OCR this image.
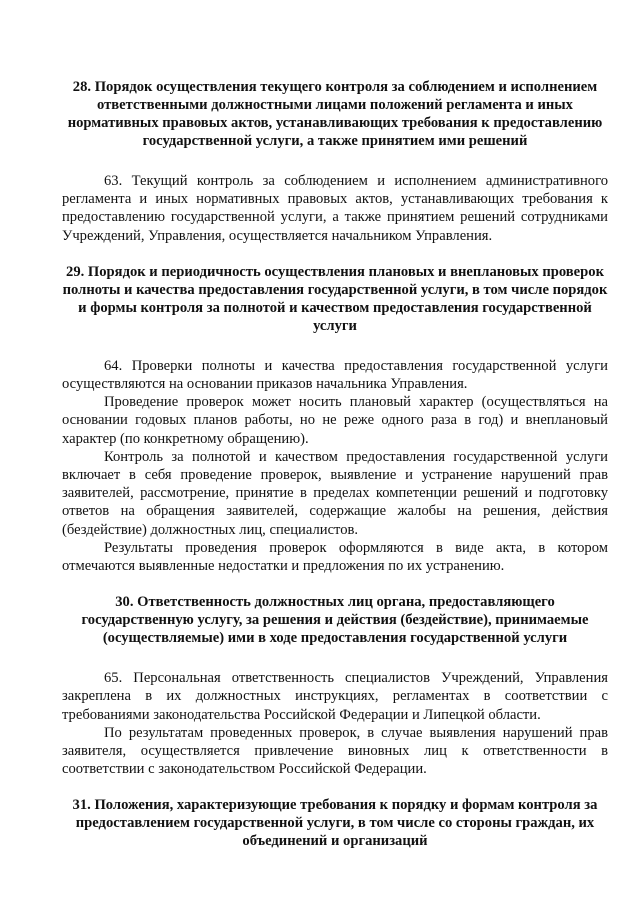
28. Порядок осуществления текущего контроля за соблюдением и исполнением ответственными должностными лицами положений регламента и иных нормативных правовых актов, устанавливающих требования к предоставлению государственной услуги, а также принятием ими решений

63. Текущий контроль за соблюдением и исполнением административного регламента и иных нормативных правовых актов, устанавливающих требования к предоставлению государственной услуги, а также принятием решений сотрудниками Учреждений, Управления, осуществляется начальником Управления.

29. Порядок и периодичность осуществления плановых и внеплановых проверок полноты и качества предоставления государственной услуги, в том числе порядок и формы контроля за полнотой и качеством предоставления государственной услуги

64. Проверки полноты и качества предоставления государственной услуги осуществляются на основании приказов начальника Управления.

Проведение проверок может носить плановый характер (осуществляться на основании годовых планов работы, но не реже одного раза в год) и внеплановый характер (по конкретному обращению).

Контроль за полнотой и качеством предоставления государственной услуги включает в себя проведение проверок, выявление и устранение нарушений прав заявителей, рассмотрение, принятие в пределах компетенции решений и подготовку ответов на обращения заявителей, содержащие жалобы на решения, действия (бездействие) должностных лиц, специалистов.

Результаты проведения проверок оформляются в виде акта, в котором отмечаются выявленные недостатки и предложения по их устранению.

30. Ответственность должностных лиц органа, предоставляющего государственную услугу, за решения и действия (бездействие), принимаемые (осуществляемые) ими в ходе предоставления государственной услуги

65. Персональная ответственность специалистов Учреждений, Управления закреплена в их должностных инструкциях, регламентах в соответствии с требованиями законодательства Российской Федерации и Липецкой области.

По результатам проведенных проверок, в случае выявления нарушений прав заявителя, осуществляется привлечение виновных лиц к ответственности в соответствии с законодательством Российской Федерации.

31. Положения, характеризующие требования к порядку и формам контроля за предоставлением государственной услуги, в том числе со стороны граждан, их объединений и организаций
